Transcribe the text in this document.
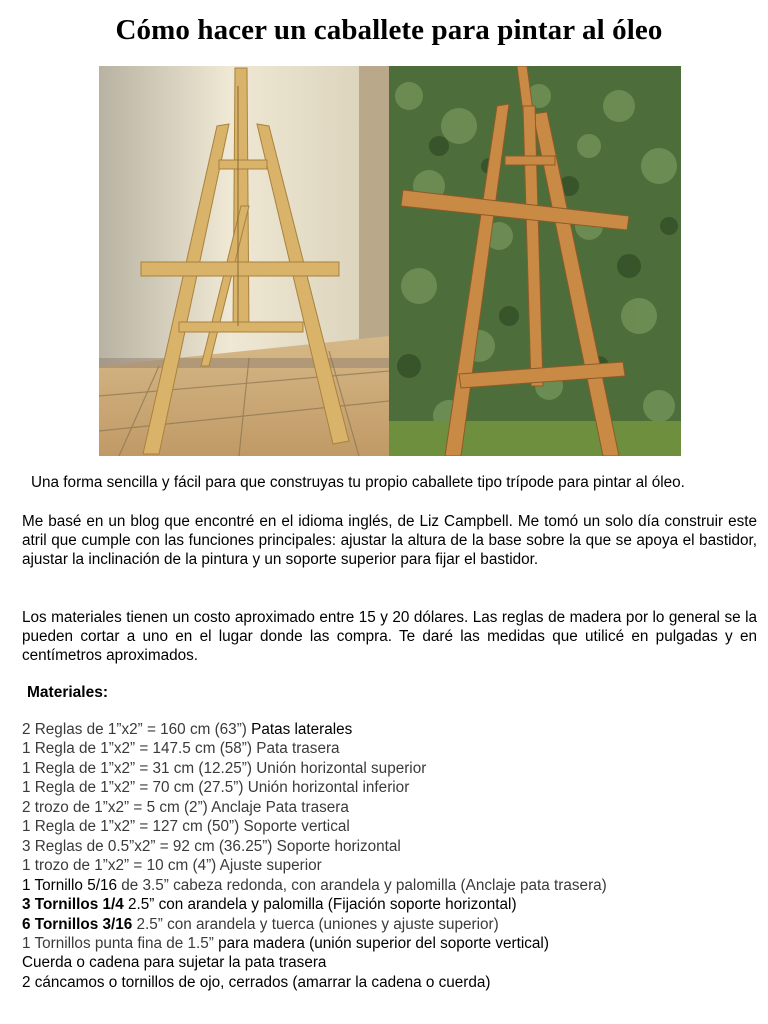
Cómo hacer un caballete para pintar al óleo
Una forma sencilla y fácil para que construyas tu propio caballete tipo trípode para pintar al óleo.
Me basé en un blog que encontré en el idioma inglés, de Liz Campbell. Me tomó un solo día construir este atril que cumple con las funciones principales: ajustar la altura de la base sobre la que se apoya el bastidor, ajustar la inclinación de la pintura y un soporte superior para fijar el bastidor.
Los materiales tienen un costo aproximado entre 15 y 20 dólares. Las reglas de madera por lo general se la pueden cortar a uno en el lugar donde las compra. Te daré las medidas que utilicé en pulgadas y en centímetros aproximados.
Materiales:
2 Reglas de 1”x2” = 160 cm (63”) Patas laterales
1 Regla de 1”x2” = 147.5 cm (58”) Pata trasera
1 Regla de 1”x2” = 31 cm (12.25”) Unión horizontal superior
1 Regla de 1”x2” = 70 cm (27.5”) Unión horizontal inferior
2 trozo de 1”x2” = 5 cm (2”) Anclaje Pata trasera
1 Regla de 1”x2” = 127 cm (50”) Soporte vertical
3 Reglas de 0.5”x2” = 92 cm (36.25”) Soporte horizontal
1 trozo de 1”x2” = 10 cm (4”) Ajuste superior
1 Tornillo 5/16 de 3.5” cabeza redonda, con arandela y palomilla (Anclaje pata trasera)
3 Tornillos 1/4 2.5” con arandela y palomilla (Fijación soporte horizontal)
6 Tornillos 3/16 2.5” con arandela y tuerca (uniones y ajuste superior)
1 Tornillos punta fina de 1.5” para madera (unión superior del soporte vertical)
Cuerda o cadena para sujetar la pata trasera
2 cáncamos o tornillos de ojo, cerrados (amarrar la cadena o cuerda)
